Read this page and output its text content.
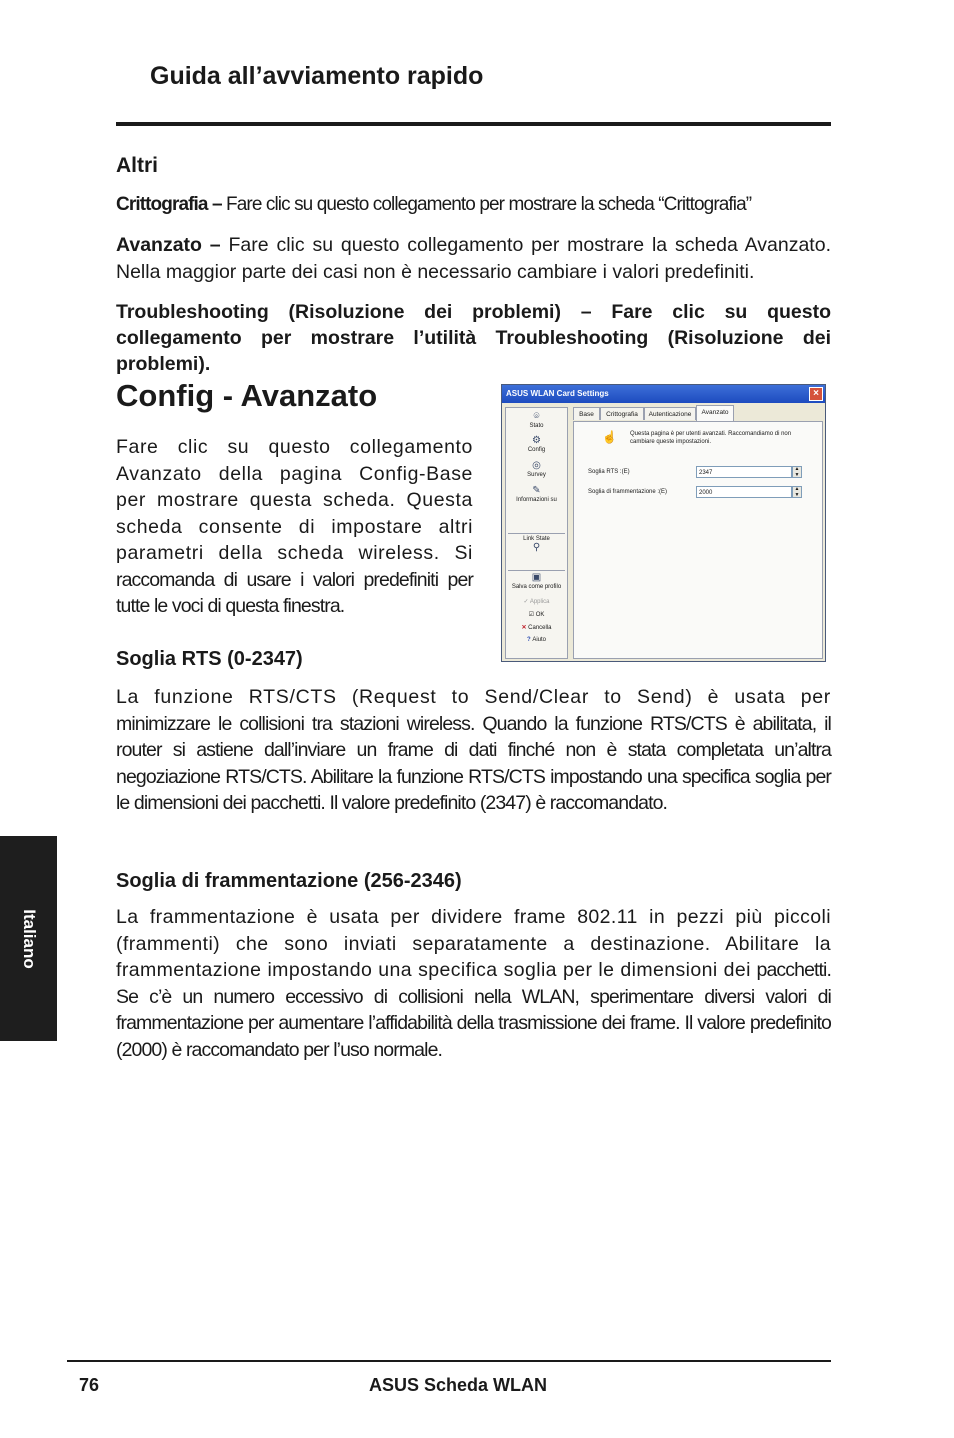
Guida all’avviamento rapido
Altri
Crittografia – Fare clic su questo collegamento per mostrare la scheda “Crittografia”
Avanzato – Fare clic su questo collegamento per mostrare la scheda Avanzato. Nella maggior parte dei casi non è necessario cambiare i valori predefiniti.
Troubleshooting (Risoluzione dei problemi) – Fare clic su questo collegamento per mostrare l’utilità Troubleshooting (Risoluzione dei problemi).
Config - Avanzato
Fare clic su questo collegamento Avanzato della pagina Config-Base per mostrare questa scheda. Questa scheda consente di impostare altri parametri della scheda wireless. Si raccomanda di usare i valori predefiniti per tutte le voci di questa finestra.
ASUS WLAN Card Settings	×
⌾
Stato
⚙
Config
◎
Survey
✎
Informazioni su
Link State
⚲
▣
Salva come profilo
✓ Applica
☑ OK
✕ Cancella
? Aiuto
Base	Crittografia	Autenticazione	Avanzato
☝ Questa pagina è per utenti avanzati. Raccomandiamo di non cambiare queste impostazioni.
Soglia RTS :(E)	2347
▲
▼
Soglia di frammentazione :(E)	2000
▲
▼
Soglia RTS (0-2347)
La funzione RTS/CTS (Request to Send/Clear to Send) è usata per minimizzare le collisioni tra stazioni wireless. Quando la funzione RTS/CTS è abilitata, il router si astiene dall’inviare un frame di dati finché non è stata completata un’altra negoziazione RTS/CTS. Abilitare la funzione RTS/CTS impostando una specifica soglia per le dimensioni dei pacchetti. Il valore predefinito (2347) è raccomandato.
Soglia di frammentazione (256-2346)
La frammentazione è usata per dividere frame 802.11 in pezzi più piccoli (frammenti) che sono inviati separatamente a destinazione. Abilitare la frammentazione impostando una specifica soglia per le dimensioni dei pacchetti. Se c’è un numero eccessivo di collisioni nella WLAN, sperimentare diversi valori di frammentazione per aumentare l’affidabilità della trasmissione dei frame. Il valore predefinito (2000) è raccomandato per l’uso normale.
Italiano
76	ASUS Scheda WLAN
